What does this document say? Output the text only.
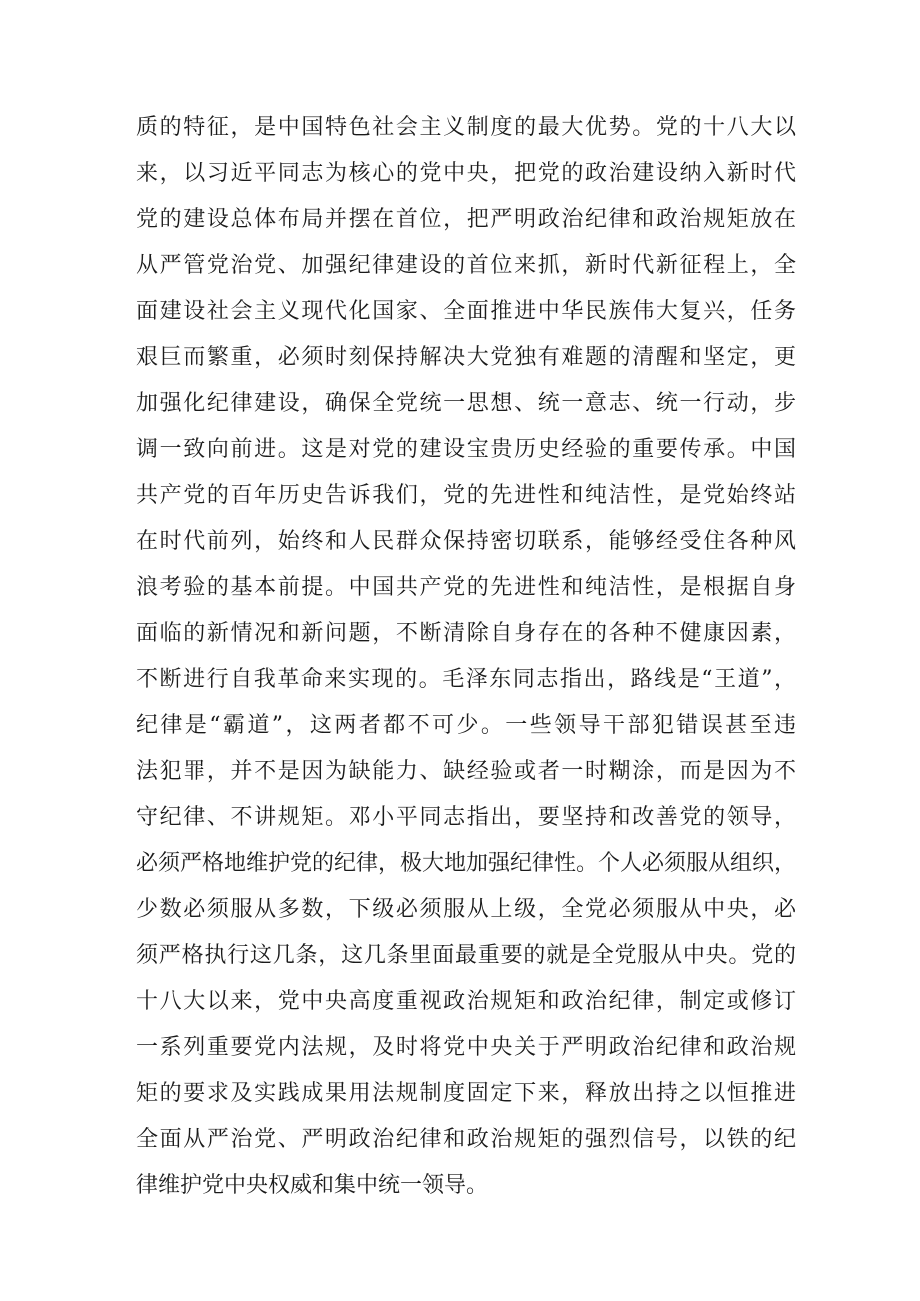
质的特征，是中国特色社会主义制度的最大优势。党的十八大以
来，以习近平同志为核心的党中央，把党的政治建设纳入新时代
党的建设总体布局并摆在首位，把严明政治纪律和政治规矩放在
从严管党治党、加强纪律建设的首位来抓，新时代新征程上，全
面建设社会主义现代化国家、全面推进中华民族伟大复兴，任务
艰巨而繁重，必须时刻保持解决大党独有难题的清醒和坚定，更
加强化纪律建设，确保全党统一思想、统一意志、统一行动，步
调一致向前进。这是对党的建设宝贵历史经验的重要传承。中国
共产党的百年历史告诉我们，党的先进性和纯洁性，是党始终站
在时代前列，始终和人民群众保持密切联系，能够经受住各种风
浪考验的基本前提。中国共产党的先进性和纯洁性，是根据自身
面临的新情况和新问题，不断清除自身存在的各种不健康因素，
不断进行自我革命来实现的。毛泽东同志指出，路线是“王道”，
纪律是“霸道”，这两者都不可少。一些领导干部犯错误甚至违
法犯罪，并不是因为缺能力、缺经验或者一时糊涂，而是因为不
守纪律、不讲规矩。邓小平同志指出，要坚持和改善党的领导，
必须严格地维护党的纪律，极大地加强纪律性。个人必须服从组织，
少数必须服从多数，下级必须服从上级，全党必须服从中央，必
须严格执行这几条，这几条里面最重要的就是全党服从中央。党的
十八大以来，党中央高度重视政治规矩和政治纪律，制定或修订
一系列重要党内法规，及时将党中央关于严明政治纪律和政治规
矩的要求及实践成果用法规制度固定下来，释放出持之以恒推进
全面从严治党、严明政治纪律和政治规矩的强烈信号，以铁的纪
律维护党中央权威和集中统一领导。
